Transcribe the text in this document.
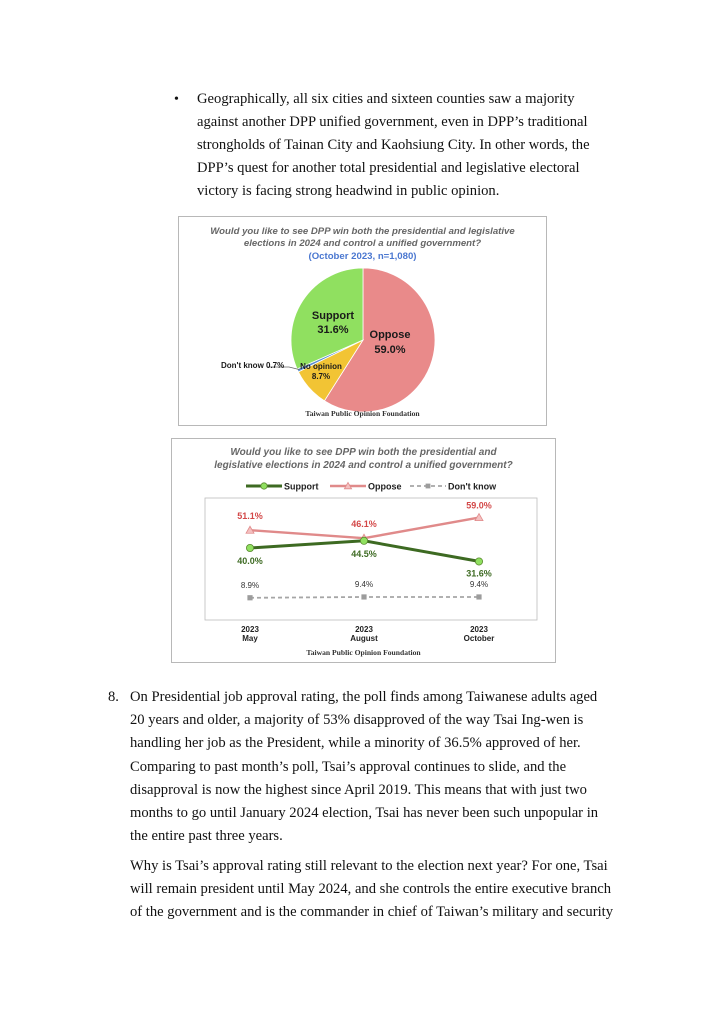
• Geographically, all six cities and sixteen counties saw a majority
against another DPP unified government, even in DPP’s traditional
strongholds of Tainan City and Kaohsiung City. In other words, the
DPP’s quest for another total presidential and legislative electoral
victory is facing strong headwind in public opinion.
Would you like to see DPP win both the presidential and legislative
elections in 2024 and control a unified government?
(October 2023, n=1,080)
Support
31.6% Oppose
59.0%
No opinion
8.7%
Don't know 0.7%
Taiwan Public Opinion Foundation
Would you like to see DPP win both the presidential and
legislative elections in 2024 and control a unified government?
40.0%
44.5%
31.6%
51.1%
46.1%
59.0%
8.9%	9.4%	9.4%
2023
May
2023
August
2023
October
Support	Oppose	Don't know
Taiwan Public Opinion Foundation
8. On Presidential job approval rating, the poll finds among Taiwanese adults aged
20 years and older, a majority of 53% disapproved of the way Tsai Ing-wen is
handling her job as the President, while a minority of 36.5% approved of her.
Comparing to past month’s poll, Tsai’s approval continues to slide, and the
disapproval is now the highest since April 2019. This means that with just two
months to go until January 2024 election, Tsai has never been such unpopular in
the entire past three years.
Why is Tsai’s approval rating still relevant to the election next year? For one, Tsai
will remain president until May 2024, and she controls the entire executive branch
of the government and is the commander in chief of Taiwan’s military and security
